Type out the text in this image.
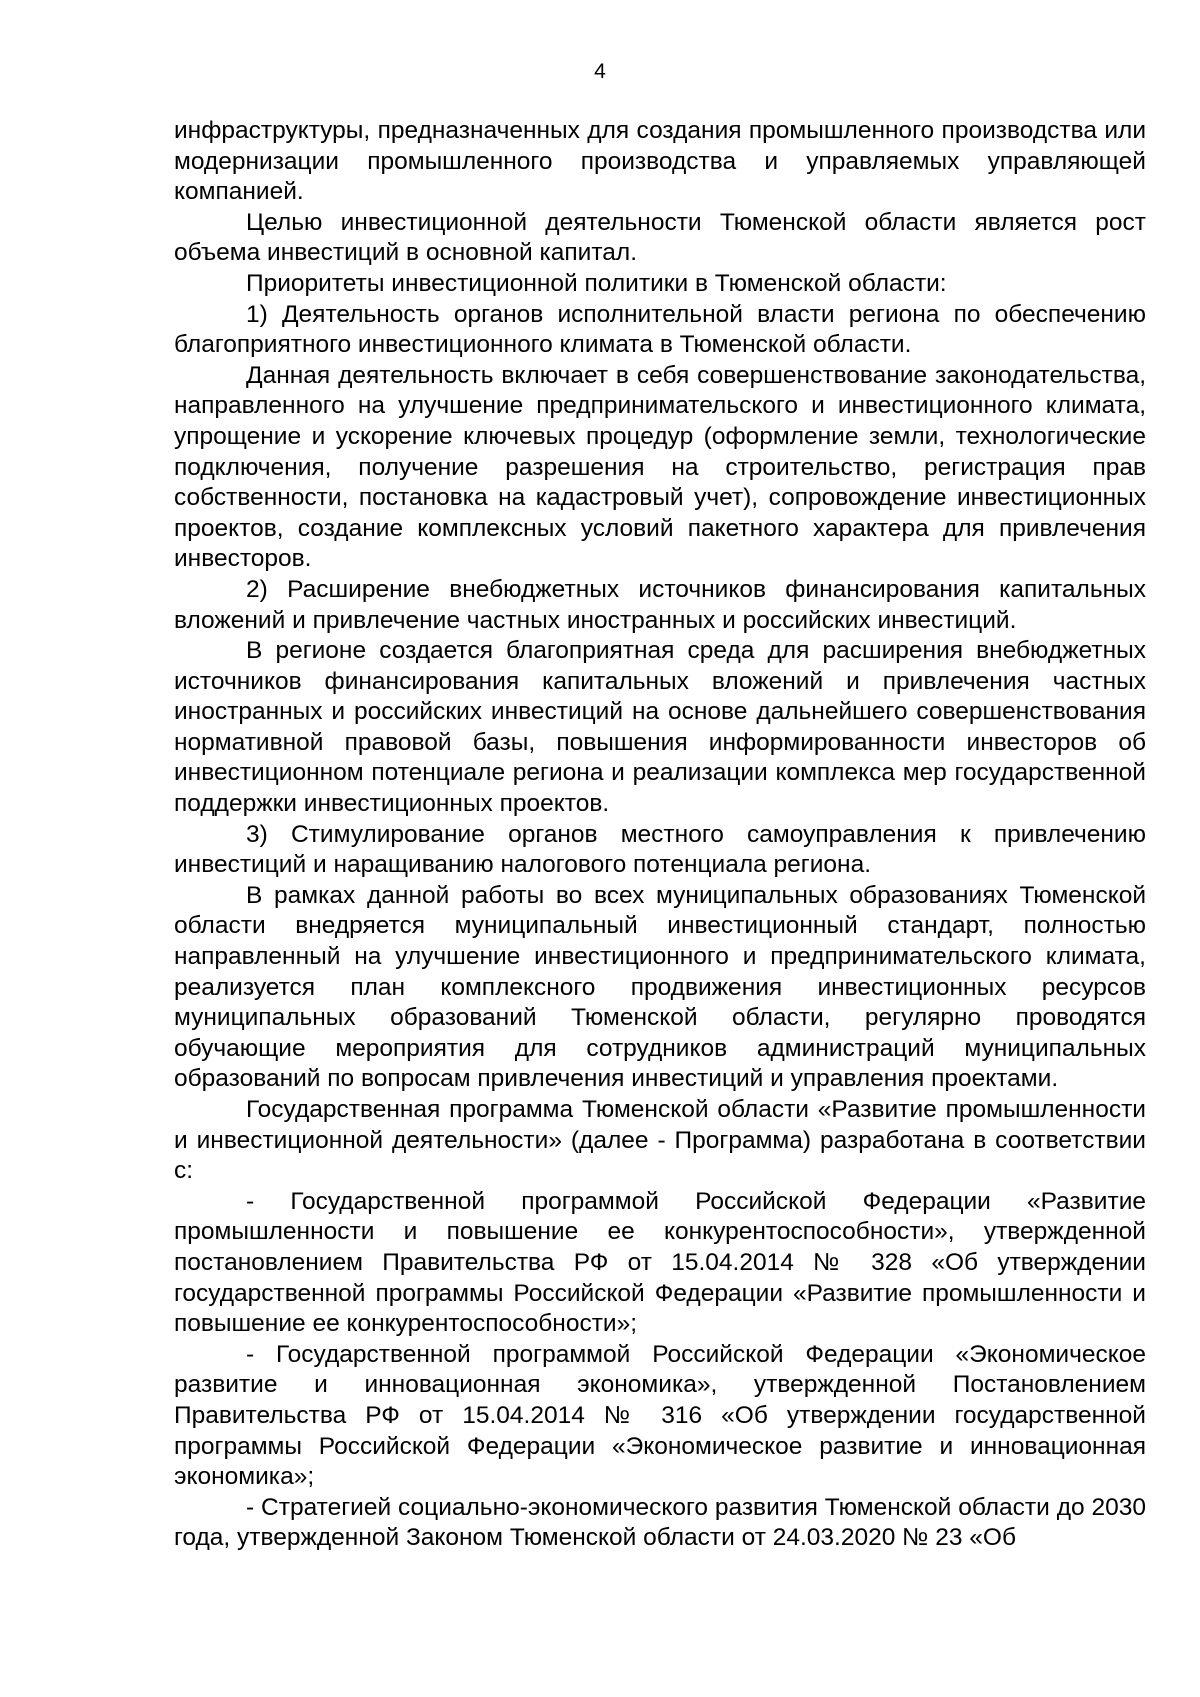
4

инфраструктуры, предназначенных для создания промышленного производства или модернизации промышленного производства и управляемых управляющей компанией.

Целью инвестиционной деятельности Тюменской области является рост объема инвестиций в основной капитал.

Приоритеты инвестиционной политики в Тюменской области:

1) Деятельность органов исполнительной власти региона по обеспечению благоприятного инвестиционного климата в Тюменской области.

Данная деятельность включает в себя совершенствование законодательства, направленного на улучшение предпринимательского и инвестиционного климата, упрощение и ускорение ключевых процедур (оформление земли, технологические подключения, получение разрешения на строительство, регистрация прав собственности, постановка на кадастровый учет), сопровождение инвестиционных проектов, создание комплексных условий пакетного характера для привлечения инвесторов.

2) Расширение внебюджетных источников финансирования капитальных вложений и привлечение частных иностранных и российских инвестиций.

В регионе создается благоприятная среда для расширения внебюджетных источников финансирования капитальных вложений и привлечения частных иностранных и российских инвестиций на основе дальнейшего совершенствования нормативной правовой базы, повышения информированности инвесторов об инвестиционном потенциале региона и реализации комплекса мер государственной поддержки инвестиционных проектов.

3) Стимулирование органов местного самоуправления к привлечению инвестиций и наращиванию налогового потенциала региона.

В рамках данной работы во всех муниципальных образованиях Тюменской области внедряется муниципальный инвестиционный стандарт, полностью направленный на улучшение инвестиционного и предпринимательского климата, реализуется план комплексного продвижения инвестиционных ресурсов муниципальных образований Тюменской области, регулярно проводятся обучающие мероприятия для сотрудников администраций муниципальных образований по вопросам привлечения инвестиций и управления проектами.

Государственная программа Тюменской области «Развитие промышленности и инвестиционной деятельности» (далее - Программа) разработана в соответствии с:

- Государственной программой Российской Федерации «Развитие промышленности и повышение ее конкурентоспособности», утвержденной постановлением Правительства РФ от 15.04.2014 № 328 «Об утверждении государственной программы Российской Федерации «Развитие промышленности и повышение ее конкурентоспособности»;

- Государственной программой Российской Федерации «Экономическое развитие и инновационная экономика», утвержденной Постановлением Правительства РФ от 15.04.2014 № 316 «Об утверждении государственной программы Российской Федерации «Экономическое развитие и инновационная экономика»;

- Стратегией социально-экономического развития Тюменской области до 2030 года, утвержденной Законом Тюменской области от 24.03.2020 № 23 «Об
